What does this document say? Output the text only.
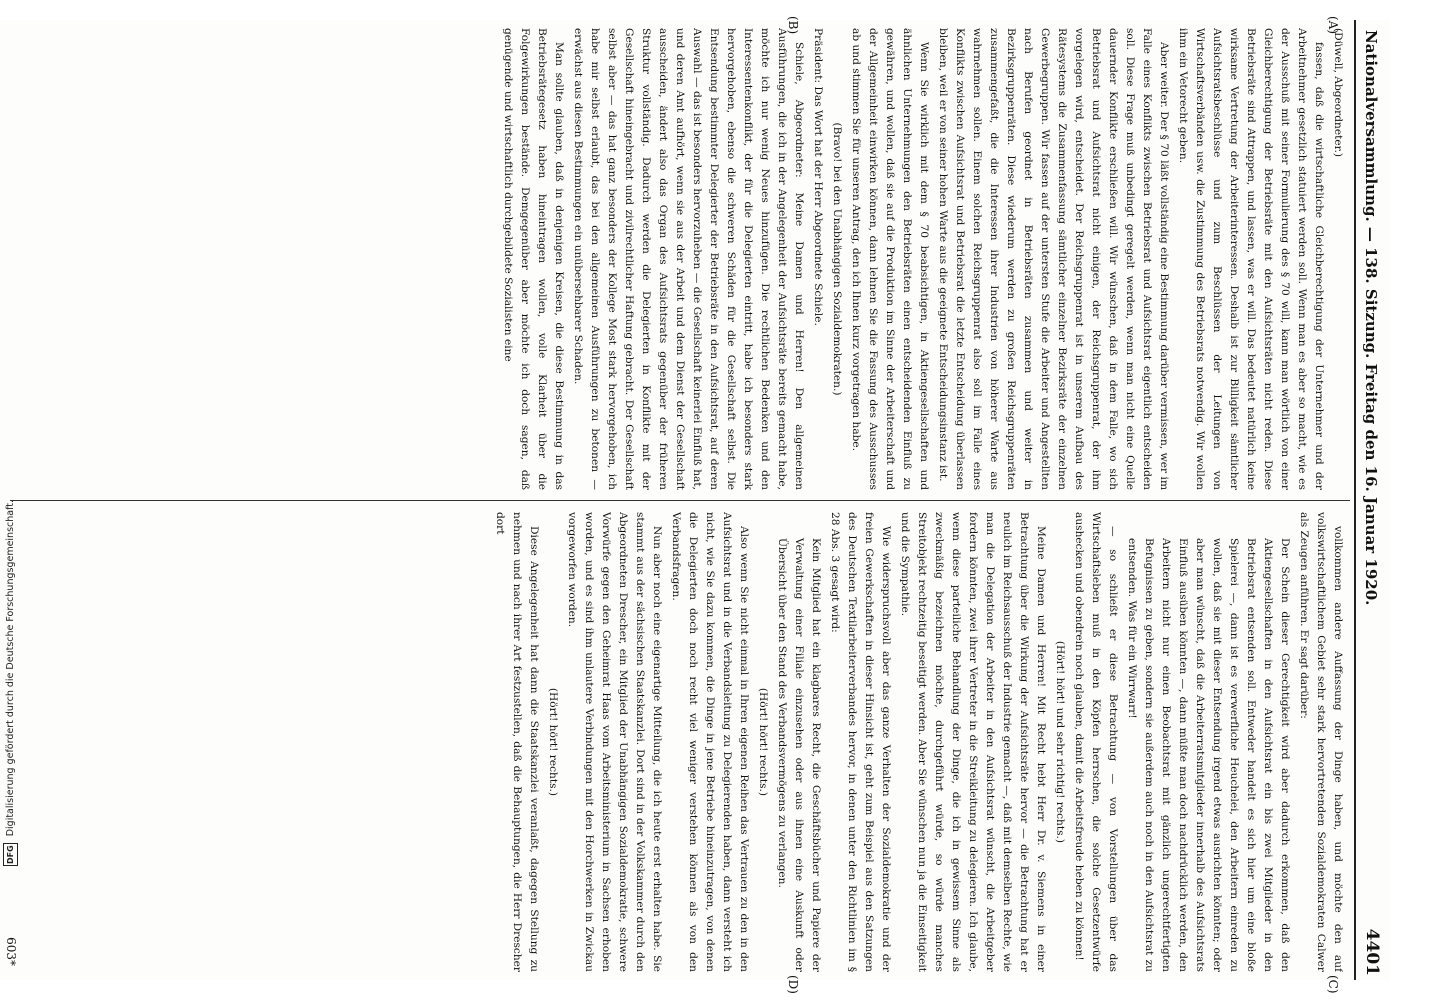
Nationalversammlung. — 138. Sitzung. Freitag den 16. Januar 1920.
4401
(A)
(B)
(C)
(D)

(Düwell, Abgeordneter.)

fassen, daß die wirtschaftliche Gleichberechtigung der Unternehmer und der Arbeitnehmer gesetzlich statuiert werden soll. Wenn man es aber so macht, wie es der Ausschuß mit seiner Formulierung des § 70 will, kann man wörtlich von einer Gleichberechtigung der Betriebsräte mit den Aufsichtsräten nicht reden. Diese Betriebsräte sind Attrappen, und lassen, was er will. Das bedeutet natürlich keine wirksame Vertretung der Arbeiterinteressen. Deshalb ist zur Billigkeit sämtlicher Aufsichtsratsbeschlüsse und zum Beschlüssen der Leitungen von Wirtschaftsverbänden usw. die Zustimmung des Betriebsrats notwendig. Wir wollen ihm ein Vetorecht geben.

Aber weiter. Der § 70 läßt vollständig eine Bestimmung darüber vermissen, wer im Falle eines Konflikts zwischen Betriebsrat und Aufsichtsrat eigentlich entscheiden soll. Diese Frage muß unbedingt geregelt werden, wenn man nicht eine Quelle dauernder Konflikte erschließen will. Wir wünschen, daß in dem Falle, wo sich Betriebsrat und Aufsichtsrat nicht einigen, der Reichsgruppenrat, der ihm vorgelegen wird, entscheidet. Der Reichsgruppenrat ist in unserem Aufbau des Rätesystems die Zusammenfassung sämtlicher einzelner Bezirksräte der einzelnen Gewerbegruppen. Wir fassen auf der untersten Stufe die Arbeiter und Angestellten nach Berufen geordnet in Betriebsräten zusammen und weiter in Bezirksgruppenräten. Diese wiederum werden zu großen Reichsgruppenräten zusammengefaßt, die die Interessen ihrer Industrien von höherer Warte aus wahrnehmen sollen. Einem solchen Reichsgruppenrat also soll im Falle eines Konflikts zwischen Aufsichtsrat und Betriebsrat die letzte Entscheidung überlassen bleiben, weil er von seiner hohen Warte aus die geeignete Entscheidungsinstanz ist.

Wenn Sie wirklich mit dem § 70 beabsichtigen, in Aktiengesellschaften und ähnlichen Unternehmungen den Betriebsräten einen entscheidenden Einfluß zu gewähren, und wollen, daß sie auf die Produktion im Sinne der Arbeiterschaft und der Allgemeinheit einwirken können, dann lehnen Sie die Fassung des Ausschusses ab und stimmen Sie für unseren Antrag, den ich Ihnen kurz vorgetragen habe.

(Bravo! bei den Unabhängigen Sozialdemokraten.)

Präsident: Das Wort hat der Herr Abgeordnete Schiele.

Schiele, Abgeordneter: Meine Damen und Herren! Den allgemeinen Ausführungen, die ich in der Angelegenheit der Aufsichtsräte bereits gemacht habe, möchte ich nur wenig Neues hinzufügen. Die rechtlichen Bedenken und den Interessentenkonflikt, der für die Delegierten eintritt, habe ich besonders stark hervorgehoben, ebenso die schweren Schäden für die Gesellschaft selbst. Die Entsendung bestimmter Delegierter der Betriebsräte in den Aufsichtsrat, auf deren Auswahl — das ist besonders hervorzuheben — die Gesellschaft keinerlei Einfluß hat, und deren Amt aufhört, wenn sie aus der Arbeit und dem Dienst der Gesellschaft ausscheiden, ändert also das Organ des Aufsichtsrats gegenüber der früheren Struktur vollständig. Dadurch werden die Delegierten in Konflikte mit der Gesellschaft hineingebracht und zivilrechtlicher Haftung gebracht. Der Gesellschaft selbst aber — das hat ganz besonders der Kollege Most stark hervorgehoben, ich habe mir selbst erlaubt, das bei den allgemeinen Ausführungen zu betonen — erwächst aus diesen Bestimmungen ein unübersehbarer Schaden.

Man sollte glauben, daß in denjenigen Kreisen, die diese Bestimmung in das Betriebsrätegesetz haben hineintragen wollen, volle Klarheit über die Folgewirkungen bestände. Demgegenüber aber möchte ich doch sagen, daß genügende und wirtschaftlich durchgebildete Sozialisten eine

vollkommen andere Auffassung der Dinge haben, und möchte den auf volkswirtschaftlichem Gebiet sehr stark hervortretenden Sozialdemokraten Calwer als Zeugen anführen. Er sagt darüber:

Der Schein dieser Gerechtigkeit wird aber dadurch erkommen, daß den Aktiengesellschaften in den Aufsichtsrat ein bis zwei Mitglieder in den Betriebsrat entsenden soll. Entweder handelt es sich hier um eine bloße Spielerei —, dann ist es verwerfliche Heuchelei, den Arbeitern einreden zu wollen, daß sie mit dieser Entsendung irgend etwas ausrichten könnten; oder aber man wünscht, daß die Arbeiterratsmitglieder innerhalb des Aufsichtsrats Einfluß ausüben könnten —, dann müßte man doch nachdrücklich werden, den Arbeitern nicht nur einen Beobachtsrat mit gänzlich ungerechtfertigten Befugnissen zu geben, sondern sie außerdem auch noch in den Aufsichtsrat zu entsenden. Was für ein Wirrwarr!

— so schließt er diese Betrachtung — von Vorstellungen über das Wirtschaftsleben muß in den Köpfen herrschen, die solche Gesetzentwürfe aushecken und obendrein noch glauben, damit die Arbeitsfreude heben zu können!

(Hört! hört! und sehr richtig! rechts.)

Meine Damen und Herren! Mit Recht hebt Herr Dr. v. Siemens in einer Betrachtung über die Wirkung der Aufsichtsräte hervor — die Betrachtung hat er neulich im Reichsausschuß der Industrie gemacht —, daß mit demselben Rechte, wie man die Delegation der Arbeiter in den Aufsichtsrat wünscht, die Arbeitgeber fordern könnten, zwei ihrer Vertreter in die Streikleitung zu delegieren. Ich glaube, wenn diese parteiliche Behandlung der Dinge, die ich in gewissem Sinne als zweckmäßig bezeichnen möchte, durchgeführt würde, so würde manches Streitobjekt rechtzeitig beseitigt werden. Aber Sie wünschen nun ja die Einseitigkeit und die Sympathie.

Wie widerspruchsvoll aber das ganze Verhalten der Sozialdemokratie und der freien Gewerkschaften in dieser Hinsicht ist, geht zum Beispiel aus den Satzungen des Deutschen Textilarbeiterverbandes hervor, in denen unter den Richtlinien im § 28 Abs. 3 gesagt wird:

Kein Mitglied hat ein klagbares Recht, die Geschäftsbücher und Papiere der Verwaltung einer Filiale einzusehen oder aus ihnen eine Auskunft oder Übersicht über den Stand des Verbandsvermögens zu verlangen.

(Hört! hört! rechts.)

Also wenn Sie nicht einmal in Ihren eigenen Reihen das Vertrauen zu den in den Aufsichtsrat und in die Verbandsleitung zu Delegierenden haben, dann versteht ich nicht, wie Sie dazu kommen, die Dinge in jene Betriebe hineinzutragen, von denen die Delegierten doch noch recht viel weniger verstehen können als von den Verbandsfragen.

Nun aber noch eine eigenartige Mitteilung, die ich heute erst erhalten habe. Sie stammt aus der sächsischen Staatskanzlei. Dort sind in der Volkskammer durch den Abgeordneten Drescher, ein Mitglied der Unabhängigen Sozialdemokratie, schwere Vorwürfe gegen den Geheimrat Haas vom Arbeitsministerium in Sachsen erhoben worden, und es sind ihm unlautere Verbindungen mit den Horchwerken in Zwickau vorgeworfen worden.

(Hört! hört! rechts.)

Diese Angelegenheit hat dann die Staatskanzlei veranlaßt, dagegen Stellung zu nehmen und nach ihrer Art festzustellen, daß die Behauptungen, die Herr Drescher dort

603*
DFG Digitalisierung gefördert durch die Deutsche Forschungsgemeinschaft.
